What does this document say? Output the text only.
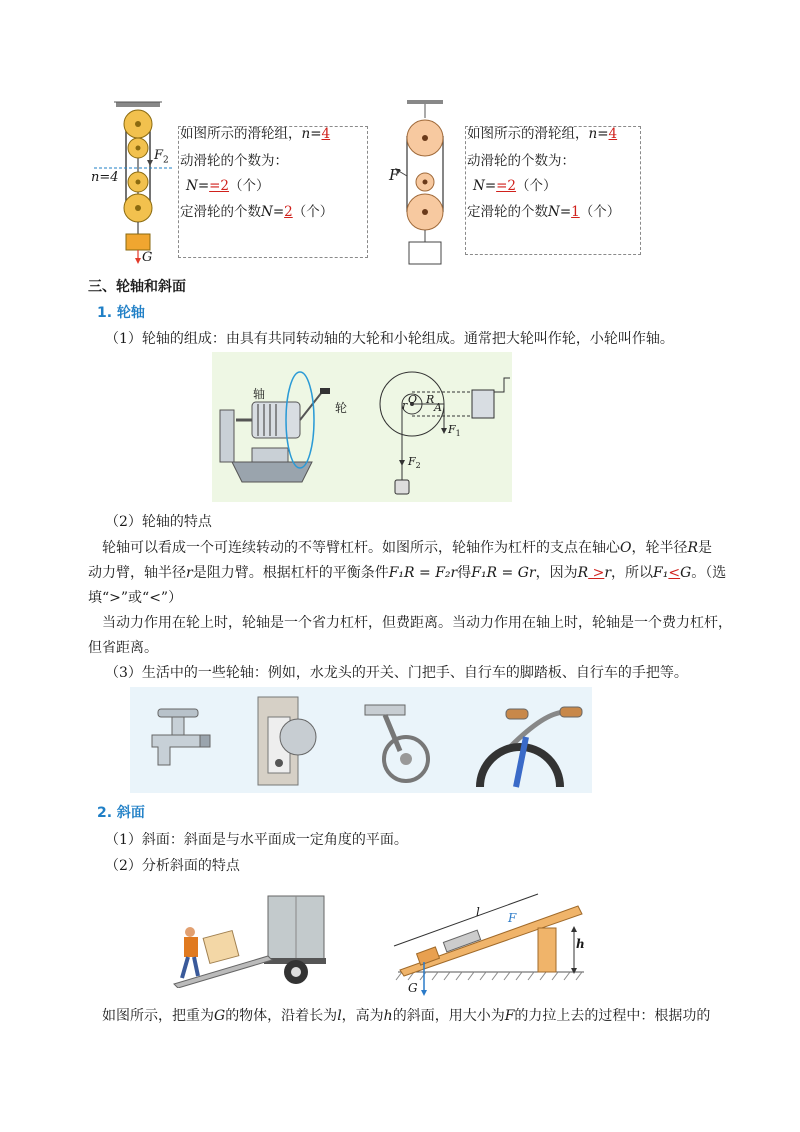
n=4
$F_2$
G
如图所示的滑轮组，n=4
动滑轮的个数为：
N==2（个）
定滑轮的个数N=2（个）
F
如图所示的滑轮组，n=4
动滑轮的个数为：
N==2（个）
定滑轮的个数N=1（个）
三、轮轴和斜面
1. 轮轴
（1）轮轴的组成：由具有共同转动轴的大轮和小轮组成。通常把大轮叫作轮，小轮叫作轴。
轴
轮	r O R
A
$F_1$
$F_2$
（2）轮轴的特点
轮轴可以看成一个可连续转动的不等臂杠杆。如图所示，轮轴作为杠杆的支点在轴心O，轮半径R是
动力臂，轴半径r是阻力臂。根据杠杆的平衡条件F₁R = F₂r得F₁R = Gr，因为R >r，所以F₁<G。（选
填“>”或“<”）
当动力作用在轮上时，轮轴是一个省力杠杆，但费距离。当动力作用在轴上时，轮轴是一个费力杠杆，
但省距离。
（3）生活中的一些轮轴：例如，水龙头的开关、门把手、自行车的脚踏板、自行车的手把等。
2. 斜面
（1）斜面：斜面是与水平面成一定角度的平面。
（2）分析斜面的特点
l F
h
G
如图所示，把重为G的物体，沿着长为l，高为h的斜面，用大小为F的力拉上去的过程中：根据功的
